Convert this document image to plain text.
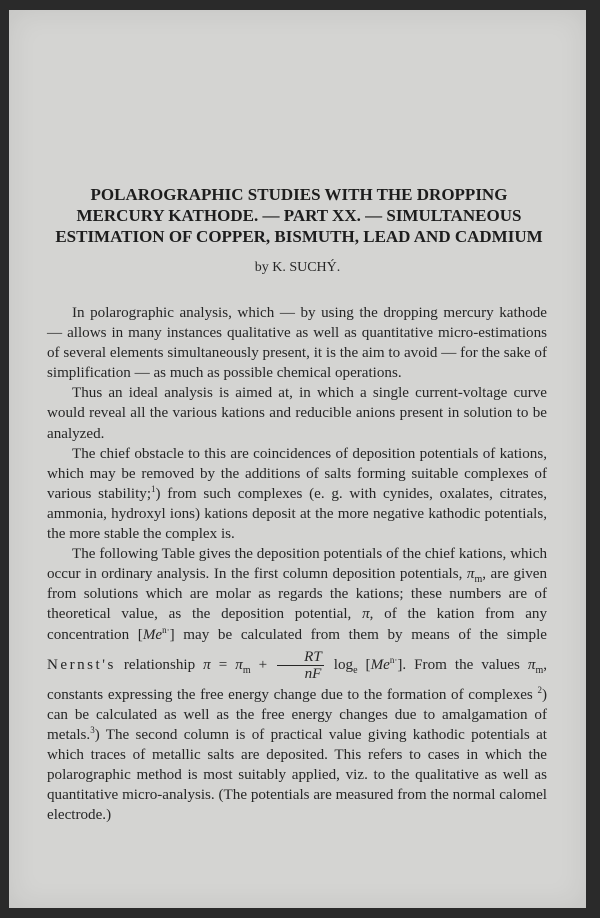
POLAROGRAPHIC STUDIES WITH THE DROPPING
MERCURY KATHODE. — PART XX. — SIMULTANEOUS
ESTIMATION OF COPPER, BISMUTH, LEAD AND CADMIUM
by K. SUCHÝ.

In polarographic analysis, which — by using the dropping mercury kathode — allows in many instances qualitative as well as quantitative micro-estimations of several elements simultaneously present, it is the aim to avoid — for the sake of simplification — as much as possible chemical operations.

Thus an ideal analysis is aimed at, in which a single current-voltage curve would reveal all the various kations and reducible anions present in solution to be analyzed.

The chief obstacle to this are coincidences of deposition potentials of kations, which may be removed by the additions of salts forming suitable complexes of various stability;$^1$) from such complexes (e. g. with cynides, oxalates, citrates, ammonia, hydroxyl ions) kations deposit at the more negative kathodic potentials, the more stable the complex is.

The following Table gives the deposition potentials of the chief kations, which occur in ordinary analysis. In the first column deposition potentials, $\pi_m$, are given from solutions which are molar as regards the kations; these numbers are of theoretical value, as the deposition potential, π, of the kation from any concentration $[Me^{n\cdot}]$ may be calculated from them by means of the simple Nernst's relationship $\pi = \pi_m + \frac{RT}{nF} \log_e [Me^{n\cdot}]$. From the values $\pi_m$, constants expressing the free energy change due to the formation of complexes $^2$) can be calculated as well as the free energy changes due to amalgamation of metals.$^3$) The second column is of practical value giving kathodic potentials at which traces of metallic salts are deposited. This refers to cases in which the polarographic method is most suitably applied, viz. to the qualitative as well as quantitative micro-analysis. (The potentials are measured from the normal calomel electrode.)
